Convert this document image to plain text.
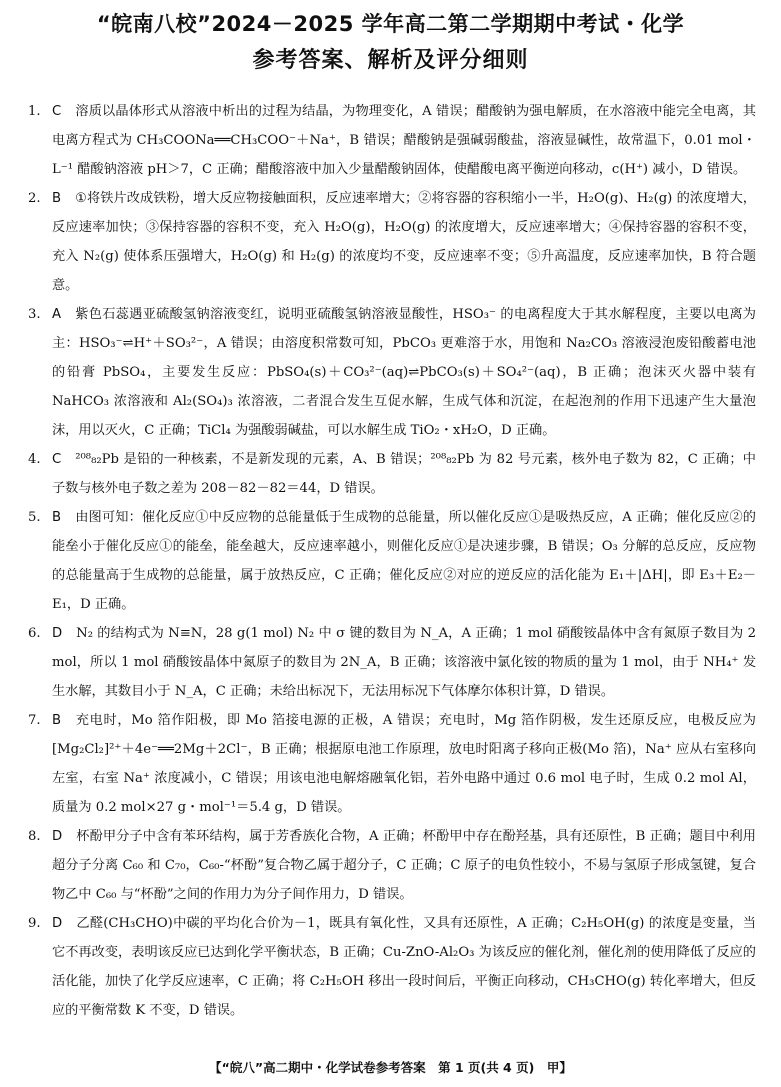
“皖南八校”2024－2025 学年高二第二学期期中考试・化学
参考答案、解析及评分细则

1. C 溶质以晶体形式从溶液中析出的过程为结晶，为物理变化，A 错误；醋酸钠为强电解质，在水溶液中能完全电离，其电离方程式为 CH₃COONa══CH₃COO⁻＋Na⁺，B 错误；醋酸钠是强碱弱酸盐，溶液显碱性，故常温下，0.01 mol・L⁻¹ 醋酸钠溶液 pH＞7，C 正确；醋酸溶液中加入少量醋酸钠固体，使醋酸电离平衡逆向移动，c(H⁺) 减小，D 错误。

2. B ①将铁片改成铁粉，增大反应物接触面积，反应速率增大；②将容器的容积缩小一半，H₂O(g)、H₂(g) 的浓度增大，反应速率加快；③保持容器的容积不变，充入 H₂O(g)，H₂O(g) 的浓度增大，反应速率增大；④保持容器的容积不变，充入 N₂(g) 使体系压强增大，H₂O(g) 和 H₂(g) 的浓度均不变，反应速率不变；⑤升高温度，反应速率加快，B 符合题意。

3. A 紫色石蕊遇亚硫酸氢钠溶液变红，说明亚硫酸氢钠溶液显酸性，HSO₃⁻ 的电离程度大于其水解程度，主要以电离为主：HSO₃⁻⇌H⁺＋SO₃²⁻，A 错误；由溶度积常数可知，PbCO₃ 更难溶于水，用饱和 Na₂CO₃ 溶液浸泡废铅酸蓄电池的铅膏 PbSO₄，主要发生反应：PbSO₄(s)＋CO₃²⁻(aq)⇌PbCO₃(s)＋SO₄²⁻(aq)，B 正确；泡沫灭火器中装有 NaHCO₃ 浓溶液和 Al₂(SO₄)₃ 浓溶液，二者混合发生互促水解，生成气体和沉淀，在起泡剂的作用下迅速产生大量泡沫，用以灭火，C 正确；TiCl₄ 为强酸弱碱盐，可以水解生成 TiO₂・xH₂O，D 正确。

4. C ²⁰⁸₈₂Pb 是铅的一种核素，不是新发现的元素，A、B 错误；²⁰⁸₈₂Pb 为 82 号元素，核外电子数为 82，C 正确；中子数与核外电子数之差为 208－82－82＝44，D 错误。

5. B 由图可知：催化反应①中反应物的总能量低于生成物的总能量，所以催化反应①是吸热反应，A 正确；催化反应②的能垒小于催化反应①的能垒，能垒越大，反应速率越小，则催化反应①是决速步骤，B 错误；O₃ 分解的总反应，反应物的总能量高于生成物的总能量，属于放热反应，C 正确；催化反应②对应的逆反应的活化能为 E₁＋|ΔH|，即 E₃＋E₂－E₁，D 正确。

6. D N₂ 的结构式为 N≡N，28 g(1 mol) N₂ 中 σ 键的数目为 N_A，A 正确；1 mol 硝酸铵晶体中含有氮原子数目为 2 mol，所以 1 mol 硝酸铵晶体中氮原子的数目为 2N_A，B 正确；该溶液中氯化铵的物质的量为 1 mol，由于 NH₄⁺ 发生水解，其数目小于 N_A，C 正确；未给出标况下，无法用标况下气体摩尔体积计算，D 错误。

7. B 充电时，Mo 箔作阳极，即 Mo 箔接电源的正极，A 错误；充电时，Mg 箔作阴极，发生还原反应，电极反应为[Mg₂Cl₂]²⁺＋4e⁻══2Mg＋2Cl⁻，B 正确；根据原电池工作原理，放电时阳离子移向正极(Mo 箔)，Na⁺ 应从右室移向左室，右室 Na⁺ 浓度减小，C 错误；用该电池电解熔融氧化铝，若外电路中通过 0.6 mol 电子时，生成 0.2 mol Al，质量为 0.2 mol×27 g・mol⁻¹＝5.4 g，D 错误。

8. D 杯酚甲分子中含有苯环结构，属于芳香族化合物，A 正确；杯酚甲中存在酚羟基，具有还原性，B 正确；题目中利用超分子分离 C₆₀ 和 C₇₀，C₆₀-“杯酚”复合物乙属于超分子，C 正确；C 原子的电负性较小，不易与氢原子形成氢键，复合物乙中 C₆₀ 与“杯酚”之间的作用力为分子间作用力，D 错误。

9. D 乙醛(CH₃CHO)中碳的平均化合价为－1，既具有氧化性，又具有还原性，A 正确；C₂H₅OH(g) 的浓度是变量，当它不再改变，表明该反应已达到化学平衡状态，B 正确；Cu-ZnO-Al₂O₃ 为该反应的催化剂，催化剂的使用降低了反应的活化能，加快了化学反应速率，C 正确；将 C₂H₅OH 移出一段时间后，平衡正向移动，CH₃CHO(g) 转化率增大，但反应的平衡常数 K 不变，D 错误。

【“皖八”高二期中・化学试卷参考答案　第 1 页(共 4 页)　甲】
